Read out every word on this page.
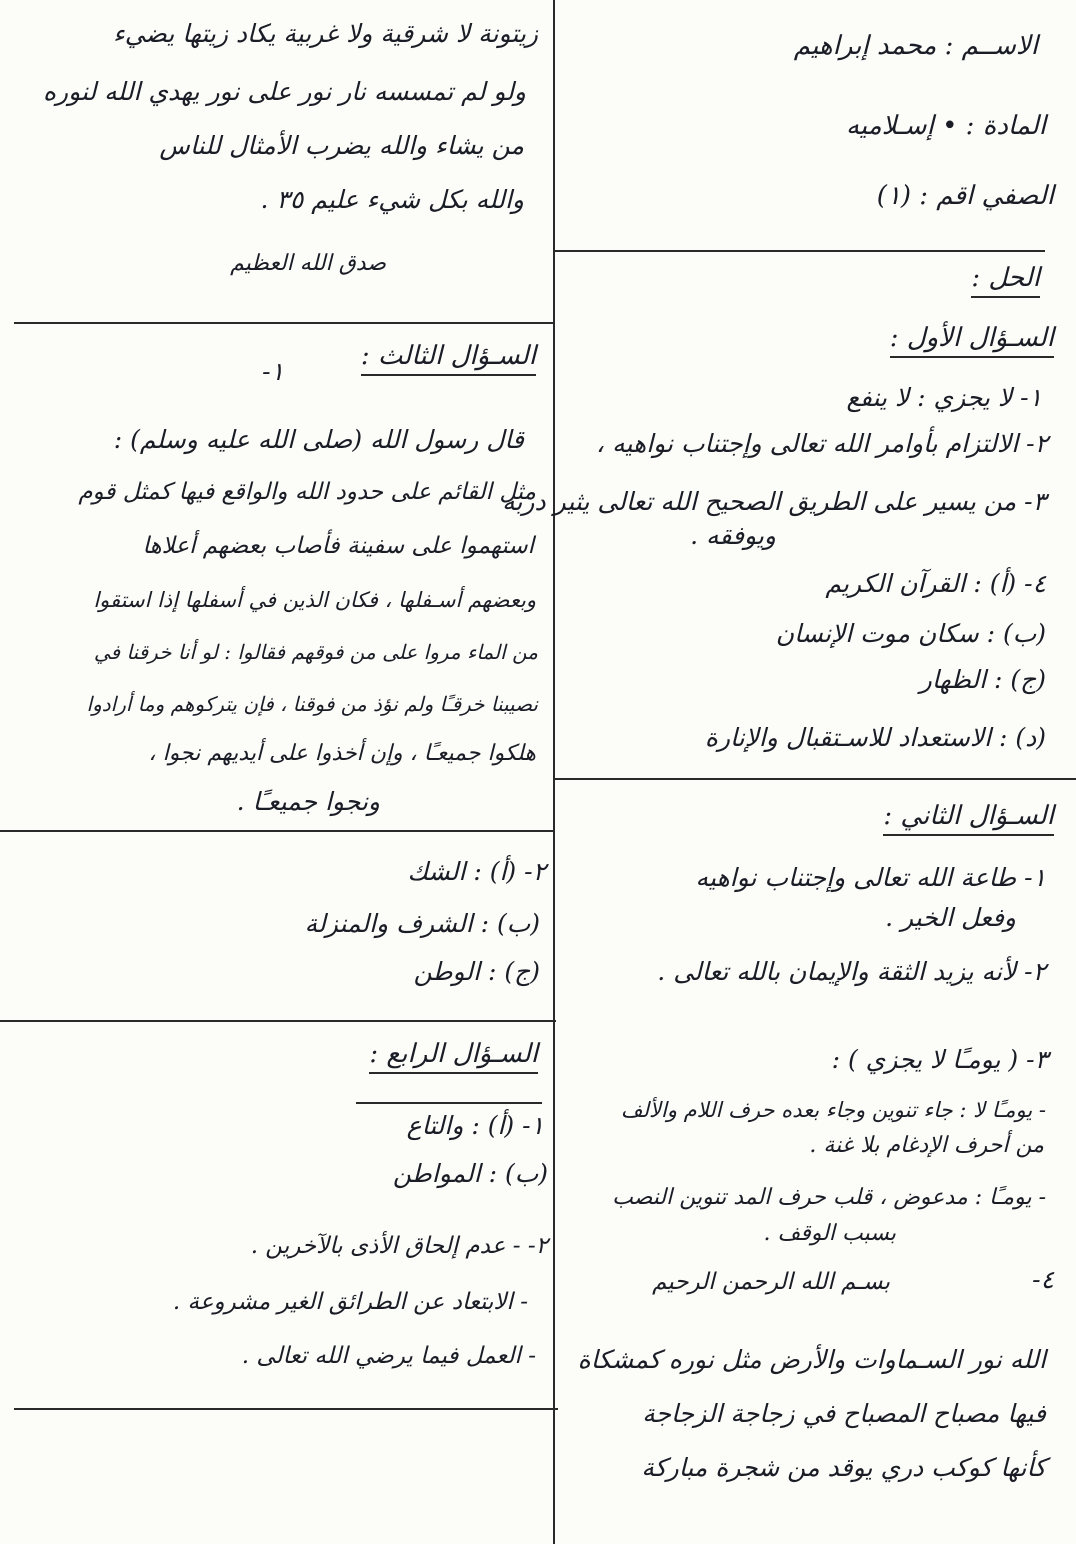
الاســم : محمد إبراهيم
المادة : • إسـلاميه
الصفي اقم : (١)
الحل :
السـؤال الأول :
١- لا يجزي : لا ينفع
٢- الالتزام بأوامر الله تعالى وإجتناب نواهيه ،
٣- من يسير على الطريق الصحيح الله تعالى يثير دربه
ويوفقه .
٤- (أ) : القرآن الكريم
(ب) : سكان موت الإنسان
(ج) : الظهار
(د) : الاستعداد للاسـتقبال والإنارة
السـؤال الثاني :
١- طاعة الله تعالى وإجتناب نواهيه
وفعل الخير .
٢- لأنه يزيد الثقة والإيمان بالله تعالى .
٣- ( يومـًا لا يجزي ) :
- يومـًا لا : جاء تنوين وجاء بعده حرف اللام والألف
من أحرف الإدغام بلا غنة .
- يومـًا : مدعوض ، قلب حرف المد تنوين النصب
بسبب الوقف .
٤-
بسـم الله الرحمن الرحيم
الله نور السـماوات والأرض مثل نوره كمشكاة
فيها مصباح المصباح في زجاجة الزجاجة
كأنها كوكب دري يوقد من شجرة مباركة
زيتونة لا شرقية ولا غربية يكاد زيتها يضيء
ولو لم تمسسه نار نور على نور يهدي الله لنوره
من يشاء والله يضرب الأمثال للناس
والله بكل شيء عليم ٣٥ .
صدق الله العظيم
السـؤال الثالث :
١-
قال رسول الله (صلى الله عليه وسلم) :
مثل القائم على حدود الله والواقع فيها كمثل قوم
استهموا على سفينة فأصاب بعضهم أعلاها
وبعضهم أسـفلها ، فكان الذين في أسفلها إذا استقوا
من الماء مروا على من فوقهم فقالوا : لو أنا خرقنا في
نصيبنا خرقـًا ولم نؤذ من فوقنا ، فإن يتركوهم وما أرادوا
هلكوا جميعـًا ، وإن أخذوا على أيديهم نجوا ،
ونجوا جميعـًا .
٢- (أ) : الشك
(ب) : الشرف والمنزلة
(ج) : الوطن
السـؤال الرابع :
١- (أ) : والتاع
(ب) : المواطن
٢- - عدم إلحاق الأذى بالآخرين .
- الابتعاد عن الطرائق الغير مشروعة .
- العمل فيما يرضي الله تعالى .
